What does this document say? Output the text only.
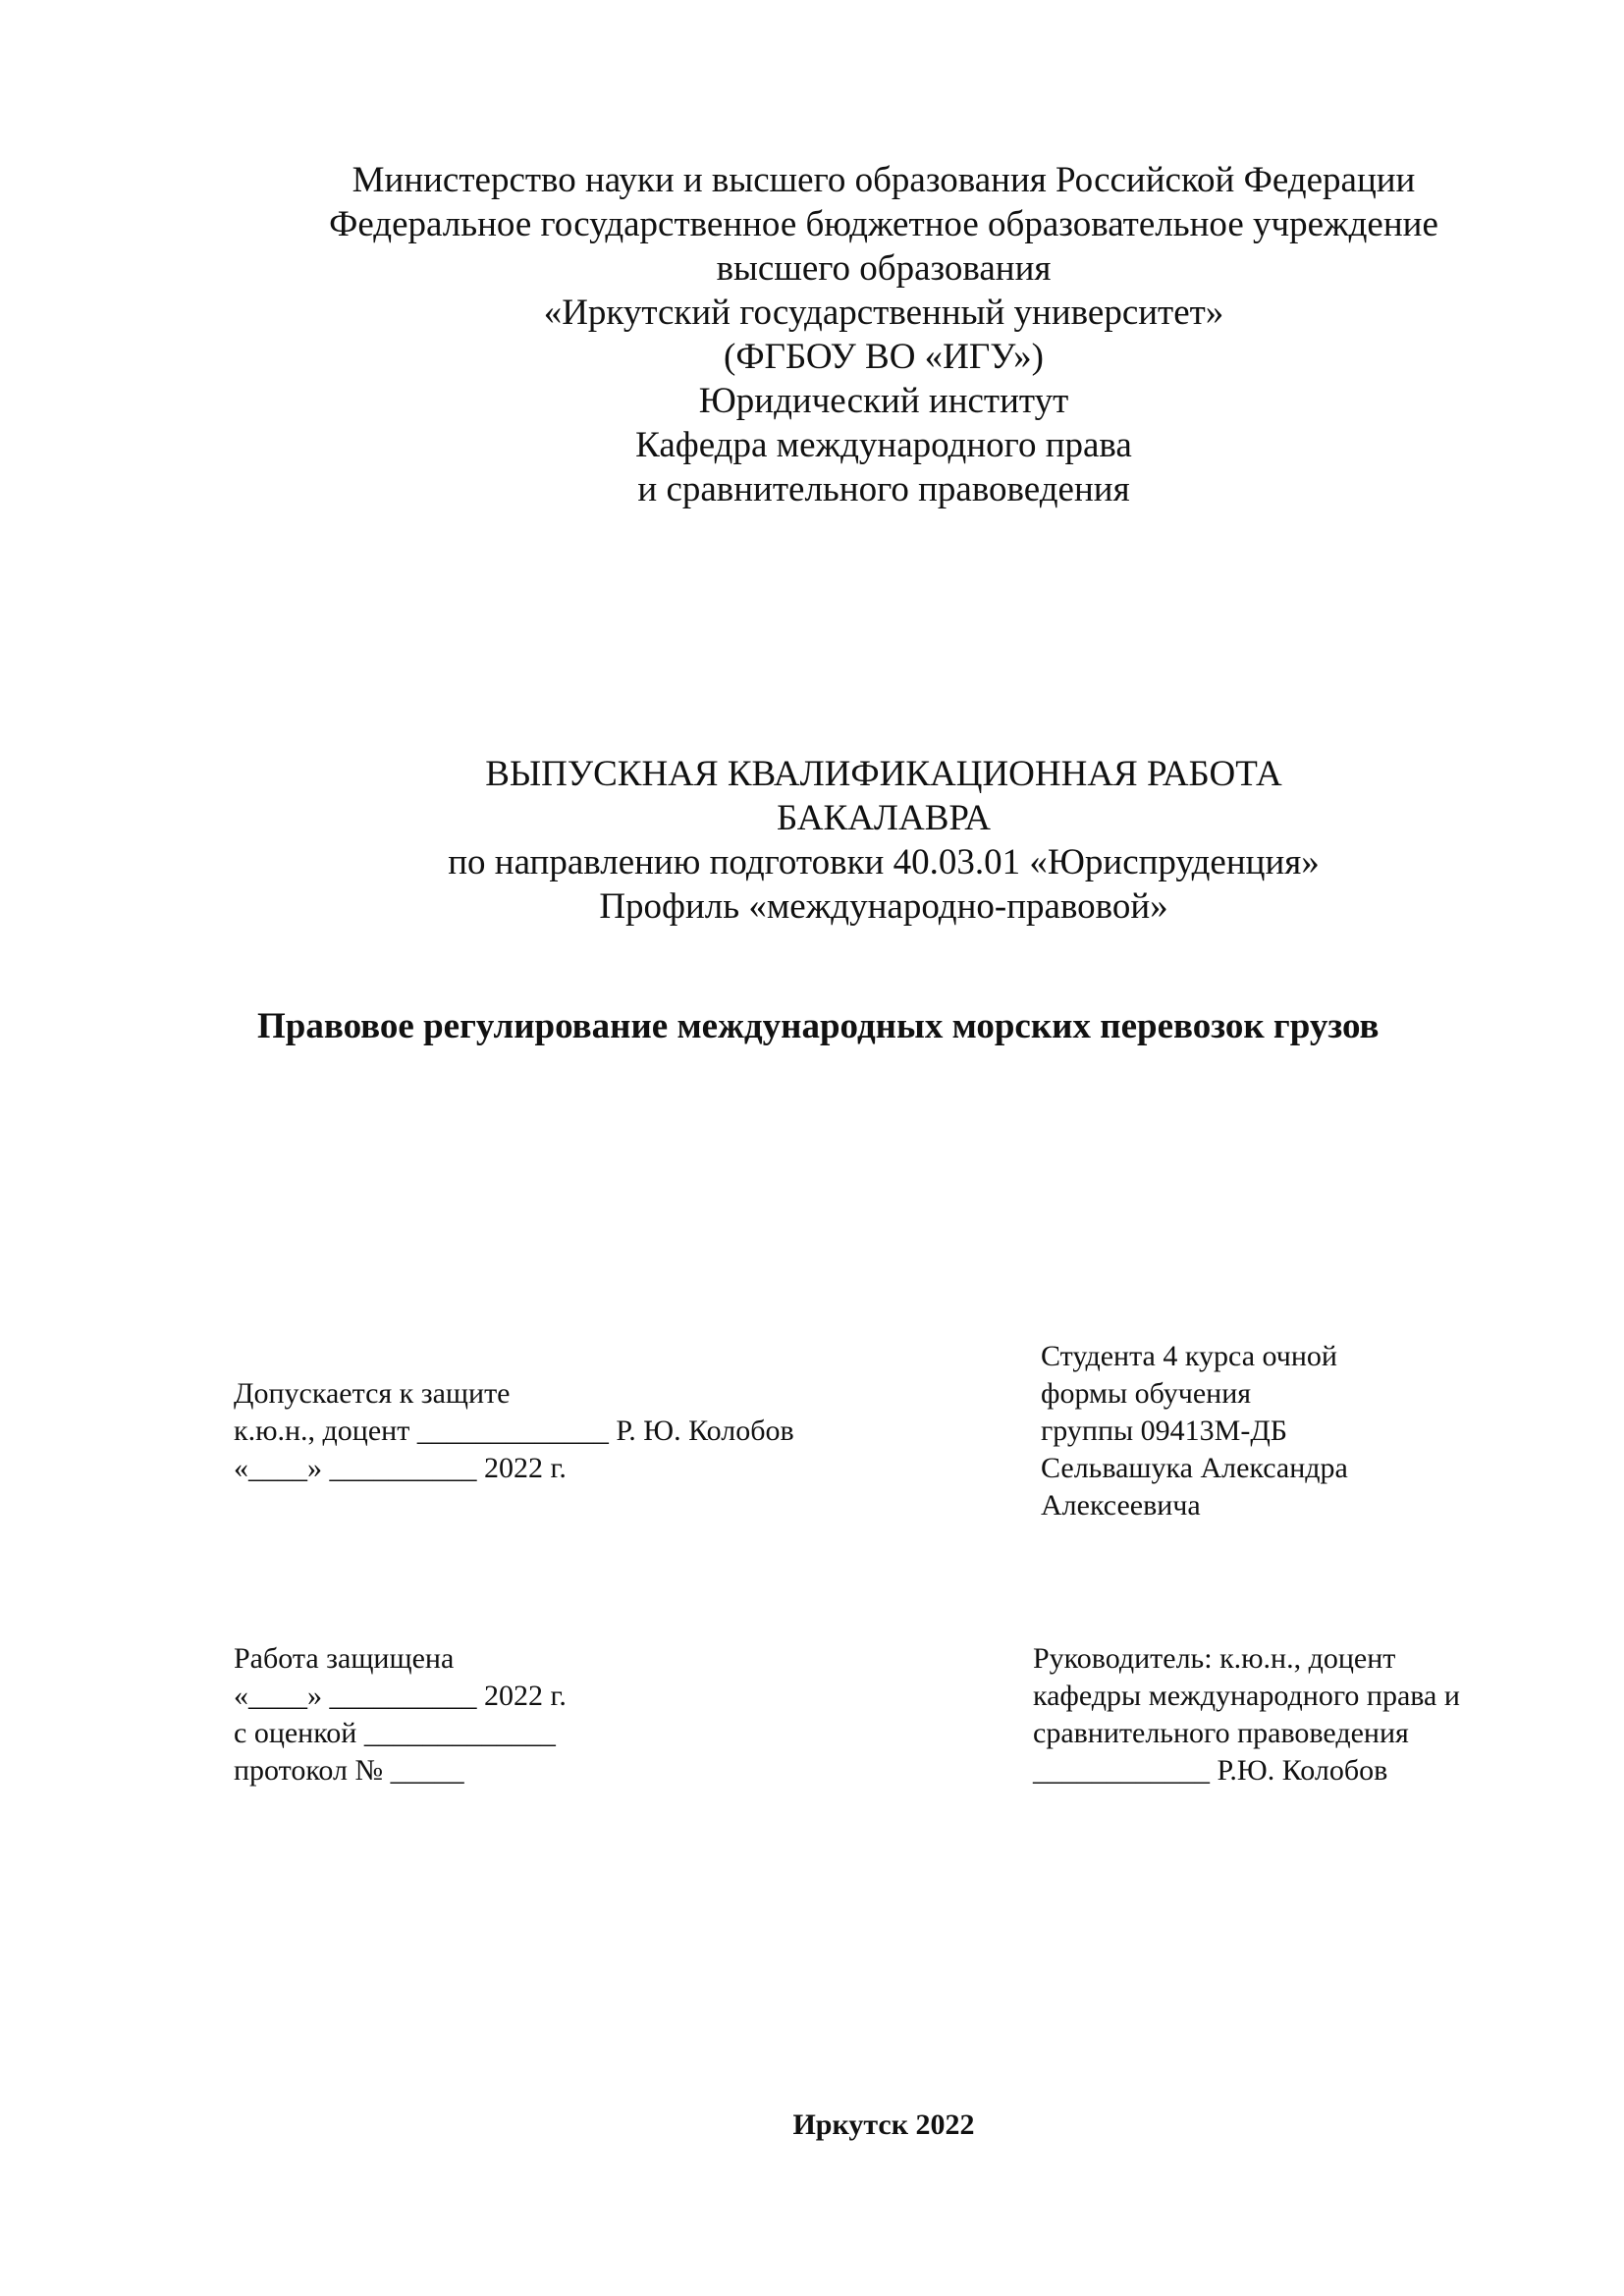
Министерство науки и высшего образования Российской Федерации
Федеральное государственное бюджетное образовательное учреждение
высшего образования
«Иркутский государственный университет»
(ФГБОУ ВО «ИГУ»)
Юридический институт
Кафедра международного права
и сравнительного правоведения
ВЫПУСКНАЯ КВАЛИФИКАЦИОННАЯ РАБОТА
БАКАЛАВРА
по направлению подготовки 40.03.01 «Юриспруденция»
Профиль «международно-правовой»
Правовое регулирование международных морских перевозок грузов
Допускается к защите
к.ю.н., доцент _____________ Р. Ю. Колобов
«____» __________ 2022 г.
Студента 4 курса очной
формы обучения
группы 09413М-ДБ
Сельвашука Александра
Алексеевича
Работа защищена
«____» __________ 2022 г.
с оценкой _____________
протокол № _____
Руководитель: к.ю.н., доцент
кафедры международного права и
сравнительного правоведения
____________ Р.Ю. Колобов
Иркутск 2022
